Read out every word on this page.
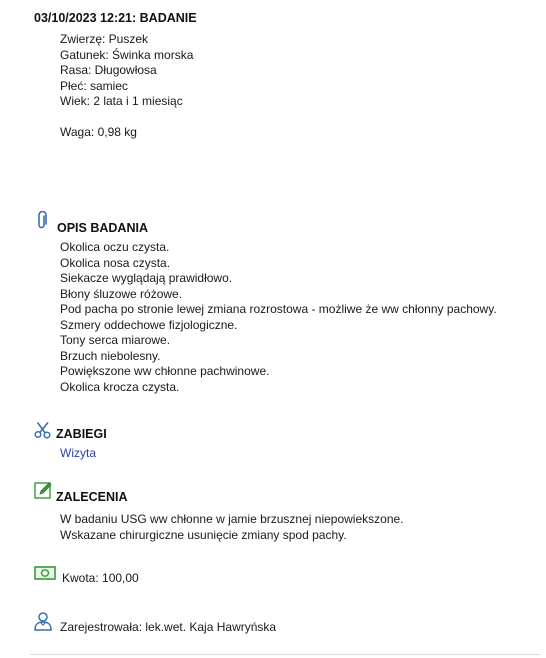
03/10/2023 12:21: BADANIE
Zwierzę: Puszek
Gatunek: Świnka morska
Rasa: Długowłosa
Płeć: samiec
Wiek: 2 lata i 1 miesiąc
Waga: 0,98 kg
OPIS BADANIA
Okolica oczu czysta.
Okolica nosa czysta.
Siekacze wyglądają prawidłowo.
Błony śluzowe różowe.
Pod pacha po stronie lewej zmiana rozrostowa - możliwe że ww chłonny pachowy.
Szmery oddechowe fizjologiczne.
Tony serca miarowe.
Brzuch niebolesny.
Powiększone ww chłonne pachwinowe.
Okolica krocza czysta.
ZABIEGI
Wizyta
ZALECENIA
W badaniu USG ww chłonne w jamie brzusznej niepowiekszone.
Wskazane chirurgiczne usunięcie zmiany spod pachy.
Kwota: 100,00
Zarejestrowała: lek.wet. Kaja Hawryńska
